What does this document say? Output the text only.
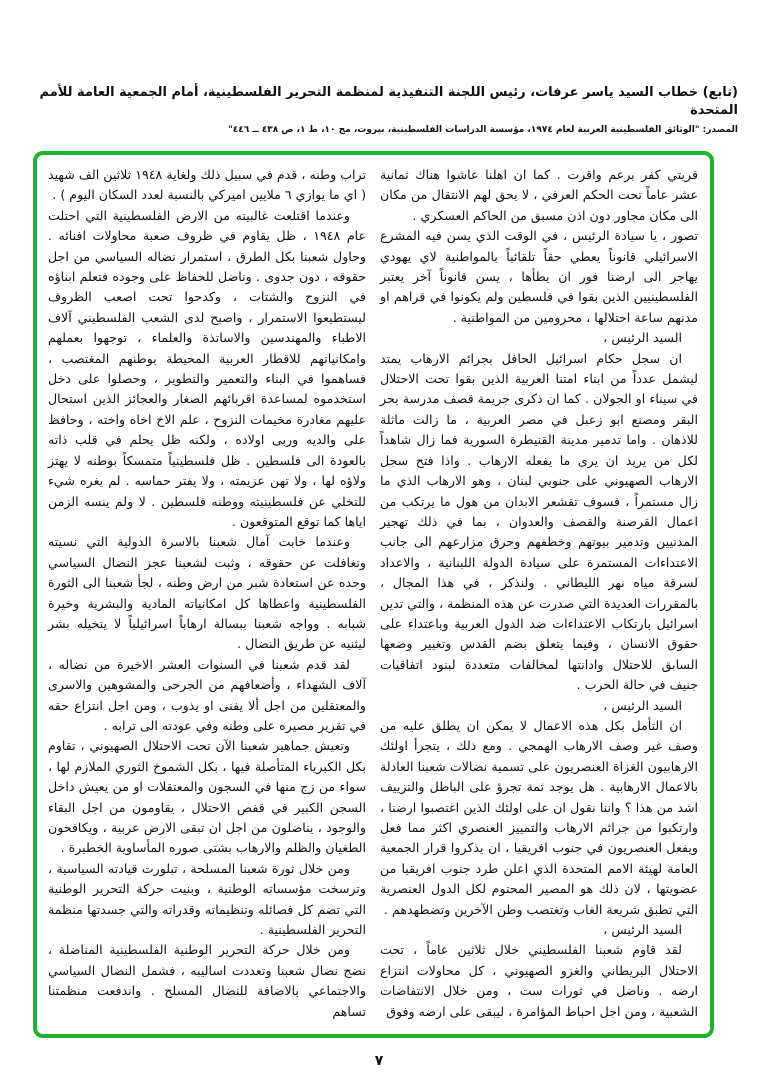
(تابع) خطاب السيد ياسر عرفات، رئيس اللجنة التنفيذية لمنظمة التحرير الفلسطينية، أمام الجمعية العامة للأمم المتحدة

المصدر: "الوثائق الفلسطينية العربية لعام ١٩٧٤، مؤسسة الدراسات الفلسطينية، بيروت، مج ١٠، ط ١، ص ٤٣٨ ــ ٤٤٦"

قريتي كفر برعم واقرت . كما ان اهلنا عاشوا هناك ثمانية عشر عاماً تحت الحكم العرفي ، لا يحق لهم الانتقال من مكان الى مكان مجاور دون اذن مسبق من الحاكم العسكري .

تصور ، يا سيادة الرئيس ، في الوقت الذي يسن فيه المشرع الاسرائيلي قانوناً يعطي حقاً تلقائياً بالمواطنية لاي يهودي يهاجر الى ارضنا فور ان يطأها ، يسن قانوناً آخر يعتبر الفلسطينيين الذين بقوا في فلسطين ولم يكونوا في قراهم او مدنهم ساعة احتلالها ، محرومين من المواطنية .

السيد الرئيس ،

ان سجل حكام اسرائيل الحافل بجرائم الارهاب يمتد ليشمل عدداً من ابناء امتنا العربية الذين بقوا تحت الاحتلال في سيناء او الجولان . كما ان ذكرى جريمة قصف مدرسة بحر البقر ومصنع ابو زعبل في مصر العربية ، ما زالت ماثلة للاذهان . واما تدمير مدينة القنيطرة السورية فما زال شاهداً لكل من يريد ان يرى ما يفعله الارهاب . واذا فتح سجل الارهاب الصهيوني على جنوبي لبنان ، وهو الارهاب الذي ما زال مستمراً ، فسوف تقشعر الابدان من هول ما يرتكب من اعمال القرصنة والقصف والعدوان ، بما في ذلك تهجير المدنيين وتدمير بيوتهم وخطفهم وحرق مزارعهم الى جانب الاعتداءات المستمرة على سيادة الدولة اللبنانية ، والاعداد لسرقة مياه نهر الليطاني . ولنذكر ، في هذا المجال ، بالمقررات العديدة التي صدرت عن هذه المنظمة ، والتي تدين اسرائيل بارتكاب الاعتداءات ضد الدول العربية وباعتداء على حقوق الانسان ، وفيما يتعلق بضم القدس وتغيير وضعها السابق للاحتلال وادانتها لمخالفات متعددة لبنود اتفاقيات جنيف في حالة الحرب .

السيد الرئيس ،

ان التأمل بكل هذه الاعمال لا يمكن ان يطلق عليه من وصف غير وصف الارهاب الهمجي . ومع ذلك ، يتجرأ اولئك الارهابيون الغزاة العنصريون على تسمية نضالات شعبنا العادلة بالاعمال الارهابية . هل يوجد ثمة تجرؤ على الباطل والتزييف اشد من هذا ؟ واننا نقول ان على اولئك الذين اغتصبوا ارضنا ، وارتكبوا من جرائم الارهاب والتمييز العنصري اكثر مما فعل ويفعل العنصريون في جنوب افريقيا ، ان يذكروا قرار الجمعية العامة لهيئة الامم المتحدة الذي اعلن طرد جنوب افريقيا من عضويتها ، لان ذلك هو المصير المحتوم لكل الدول العنصرية التي تطبق شريعة الغاب وتغتصب وطن الآخرين وتضطهدهم .

السيد الرئيس ،

لقد قاوم شعبنا الفلسطيني خلال ثلاثين عاماً ، تحت الاحتلال البريطاني والغزو الصهيوني ، كل محاولات انتزاع ارضه . وناضل في ثورات ست ، ومن خلال الانتفاضات الشعبية ، ومن اجل احباط المؤامرة ، ليبقى على ارضه وفوق

تراب وطنه ، قدم في سبيل ذلك ولغاية ١٩٤٨ ثلاثين الف شهيد ( اي ما يوازي ٦ ملايين اميركي بالنسبة لعدد السكان اليوم ) .

وعندما اقتلعت غالبيته من الارض الفلسطينية التي احتلت عام ١٩٤٨ ، ظل يقاوم في ظروف صعبة محاولات افنائه . وحاول شعبنا بكل الطرق ، استمرار نضاله السياسي من اجل حقوقه ، دون جدوى . وناضل للحفاظ على وجوده فتعلم ابناؤه في النزوح والشتات ، وكدحوا تحت اصعب الظروف ليستطيعوا الاستمرار ، واصبح لدى الشعب الفلسطيني آلاف الاطباء والمهندسين والاساتذة والعلماء ، توجهوا بعملهم وامكانياتهم للاقطار العربية المحيطة بوطنهم المغتصب ، فساهموا في البناء والتعمير والتطوير ، وحصلوا على دخل استخدموه لمساعدة اقربائهم الصغار والعجائز الذين استحال عليهم مغادرة مخيمات النزوح ، علم الاخ اخاه واخته ، وحافظ على والديه وربى اولاده ، ولكنه ظل يحلم في قلب ذاته بالعودة الى فلسطين . ظل فلسطينياً متمسكاً بوطنه لا يهتز ولاؤه لها ، ولا تهن عزيمته ، ولا يفتر حماسه . لم يغره شيء للتخلي عن فلسطينيته ووطنه فلسطين . لا ولم ينسه الزمن اياها كما توقع المتوقعون .

وعندما خابت آمال شعبنا بالاسرة الدولية التي نسيته وتغافلت عن حقوقه ، وثبت لشعبنا عجز النضال السياسي وحده عن استعادة شبر من ارض وطنه ، لجأ شعبنا الى الثورة الفلسطينية واعطاها كل امكانياته المادية والبشرية وخيرة شبابه . وواجه شعبنا ببسالة ارهاباً اسرائيلياً لا يتخيله بشر ليثنيه عن طريق النضال .

لقد قدم شعبنا في السنوات العشر الاخيرة من نضاله ، آلاف الشهداء ، وأضعافهم من الجرحى والمشوهين والاسرى والمعتقلين من اجل ألا يفنى او يذوب ، ومن اجل انتزاع حقه في تقرير مصيره على وطنه وفي عودته الى ترابه .

وتعيش جماهير شعبنا الآن تحت الاحتلال الصهيوني ، تقاوم بكل الكبرياء المتأصلة فيها ، بكل الشموخ الثوري الملازم لها ، سواء من زج منها في السجون والمعتقلات او من يعيش داخل السجن الكبير في قفص الاحتلال ، يقاومون من اجل البقاء والوجود ، يناضلون من اجل ان تبقى الارض عربية ، ويكافحون الطغيان والظلم والارهاب بشتى صوره المأساوية الخطيرة .

ومن خلال ثورة شعبنا المسلحة ، تبلورت قيادته السياسية ، وترسخت مؤسساته الوطنية ، وبنيت حركة التحرير الوطنية التي تضم كل فصائله وتنظيماته وقدراته والتي جسدتها منظمة التحرير الفلسطينية .

ومن خلال حركة التحرير الوطنية الفلسطينية المناضلة ، نضج نضال شعبنا وتعددت اساليبه ، فشمل النضال السياسي والاجتماعي بالاضافة للنضال المسلح . واندفعت منظمتنا تساهم

٧
